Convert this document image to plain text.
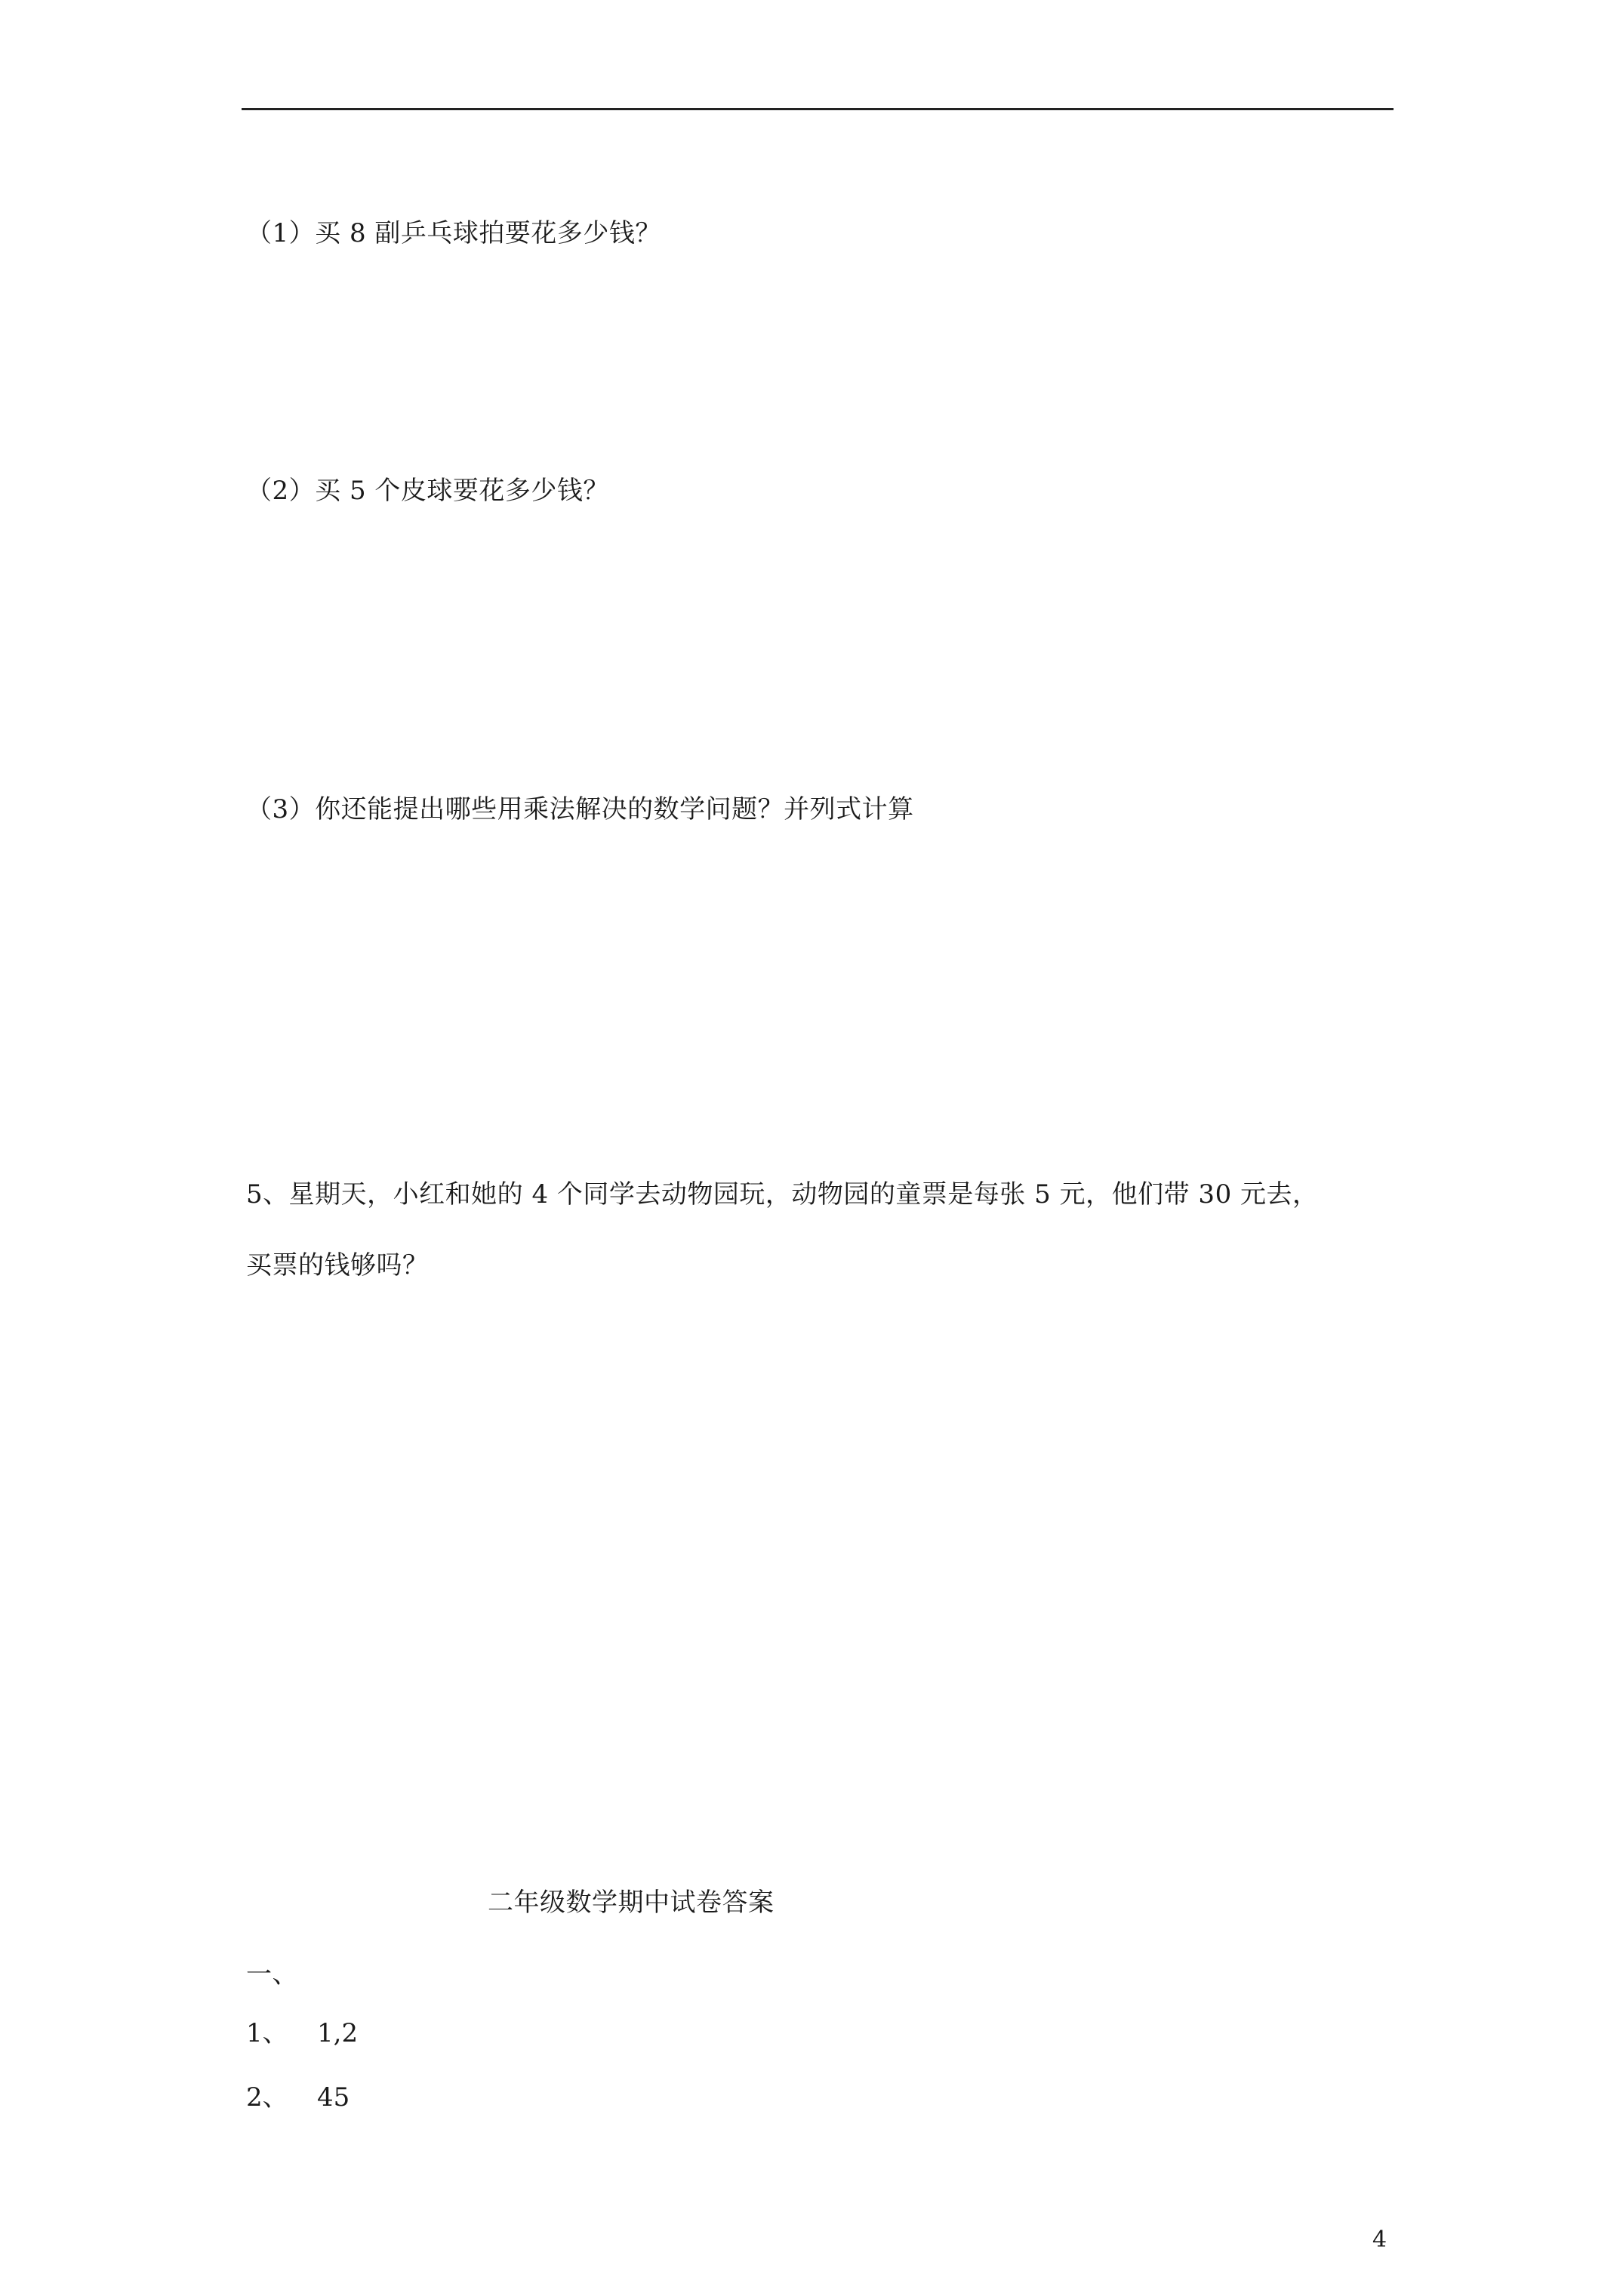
（1）买 8 副乒乓球拍要花多少钱？
（2）买 5 个皮球要花多少钱？
（3）你还能提出哪些用乘法解决的数学问题？并列式计算
5、星期天，小红和她的 4 个同学去动物园玩，动物园的童票是每张 5 元，他们带 30 元去，
买票的钱够吗？
二年级数学期中试卷答案
一、
1、 1,2
2、 45
4
